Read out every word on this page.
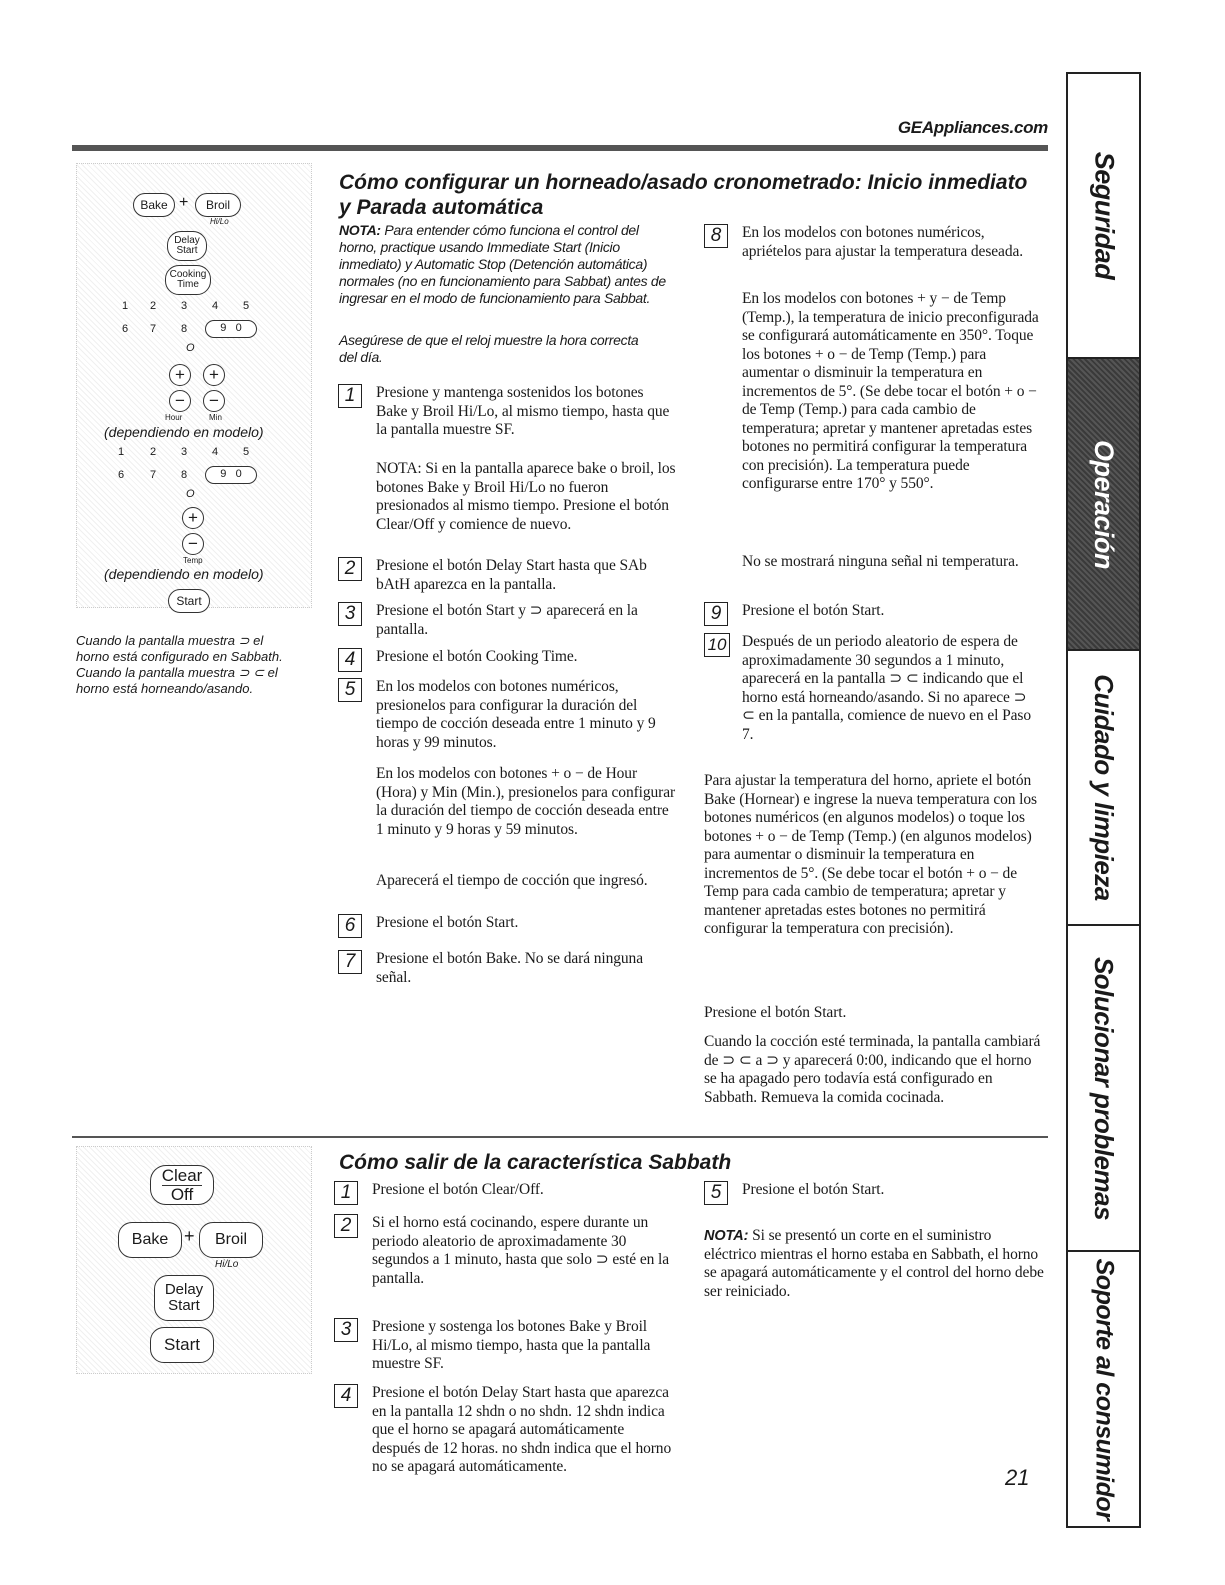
GEAppliances.com
Seguridad
Operación
Cuidado y limpieza
Solucionar problemas
Soporte al consumidor
Bake + Broil
Hi/Lo
Delay
Start
Cooking
Time
1 2 3 4 5
6 7 8	9 0
O
+	+
−	−
Hour	Min
(dependiendo en modelo)
1 2 3 4 5
6 7 8	9 0
O
+
−
Temp
(dependiendo en modelo)
Start
Cuando la pantalla muestra ⊃ el horno está configurado en Sabbath. Cuando la pantalla muestra ⊃ ⊂ el horno está horneando/asando.
Cómo configurar un horneado/asado cronometrado: Inicio inmediato
y Parada automática
NOTA: Para entender cómo funciona el control del horno, practique usando Immediate Start (Inicio inmediato) y Automatic Stop (Detención automática) normales (no en funcionamiento para Sabbat) antes de ingresar en el modo de funcionamiento para Sabbat.
Asegúrese de que el reloj muestre la hora correcta del día.
1	Presione y mantenga sostenidos los botones Bake y Broil Hi/Lo, al mismo tiempo, hasta que la pantalla muestre SF.
NOTA: Si en la pantalla aparece bake o broil, los botones Bake y Broil Hi/Lo no fueron presionados al mismo tiempo. Presione el botón Clear/Off y comience de nuevo.
2	Presione el botón Delay Start hasta que SAb bAtH aparezca en la pantalla.
3	Presione el botón Start y ⊃ aparecerá en la pantalla.
4	Presione el botón Cooking Time.
5	En los modelos con botones numéricos, presionelos para configurar la duración del tiempo de cocción deseada entre 1 minuto y 9 horas y 99 minutos.
En los modelos con botones + o − de Hour (Hora) y Min (Min.), presionelos para configurar la duración del tiempo de cocción deseada entre 1 minuto y 9 horas y 59 minutos.
Aparecerá el tiempo de cocción que ingresó.
6	Presione el botón Start.
7	Presione el botón Bake. No se dará ninguna señal.
8	En los modelos con botones numéricos, apriételos para ajustar la temperatura deseada.
En los modelos con botones + y − de Temp (Temp.), la temperatura de inicio preconfigurada se configurará automáticamente en 350°. Toque los botones + o − de Temp (Temp.) para aumentar o disminuir la temperatura en incrementos de 5°. (Se debe tocar el botón + o − de Temp (Temp.) para cada cambio de temperatura; apretar y mantener apretadas estes botones no permitirá configurar la temperatura con precisión). La temperatura puede configurarse entre 170° y 550°.
No se mostrará ninguna señal ni temperatura.
9	Presione el botón Start.
10 Después de un periodo aleatorio de espera de aproximadamente 30 segundos a 1 minuto, aparecerá en la pantalla ⊃ ⊂ indicando que el horno está horneando/asando. Si no aparece ⊃ ⊂ en la pantalla, comience de nuevo en el Paso 7.
Para ajustar la temperatura del horno, apriete el botón Bake (Hornear) e ingrese la nueva temperatura con los botones numéricos (en algunos modelos) o toque los botones + o − de Temp (Temp.) (en algunos modelos) para aumentar o disminuir la temperatura en incrementos de 5°. (Se debe tocar el botón + o − de Temp para cada cambio de temperatura; apretar y mantener apretadas estes botones no permitirá configurar la temperatura con precisión).
Presione el botón Start.
Cuando la cocción esté terminada, la pantalla cambiará de ⊃ ⊂ a ⊃ y aparecerá 0:00, indicando que el horno se ha apagado pero todavía está configurado en Sabbath. Remueva la comida cocinada.
Clear
Off
Bake + Broil
Hi/Lo
Delay
Start
Start
Cómo salir de la característica Sabbath
1	Presione el botón Clear/Off.
2	Si el horno está cocinando, espere durante un periodo aleatorio de aproximadamente 30 segundos a 1 minuto, hasta que solo ⊃ esté en la pantalla.
3	Presione y sostenga los botones Bake y Broil Hi/Lo, al mismo tiempo, hasta que la pantalla muestre SF.
4	Presione el botón Delay Start hasta que aparezca en la pantalla 12 shdn o no shdn. 12 shdn indica que el horno se apagará automáticamente después de 12 horas. no shdn indica que el horno no se apagará automáticamente.
5	Presione el botón Start.
NOTA: Si se presentó un corte en el suministro eléctrico mientras el horno estaba en Sabbath, el horno se apagará automáticamente y el control del horno debe ser reiniciado.
21
